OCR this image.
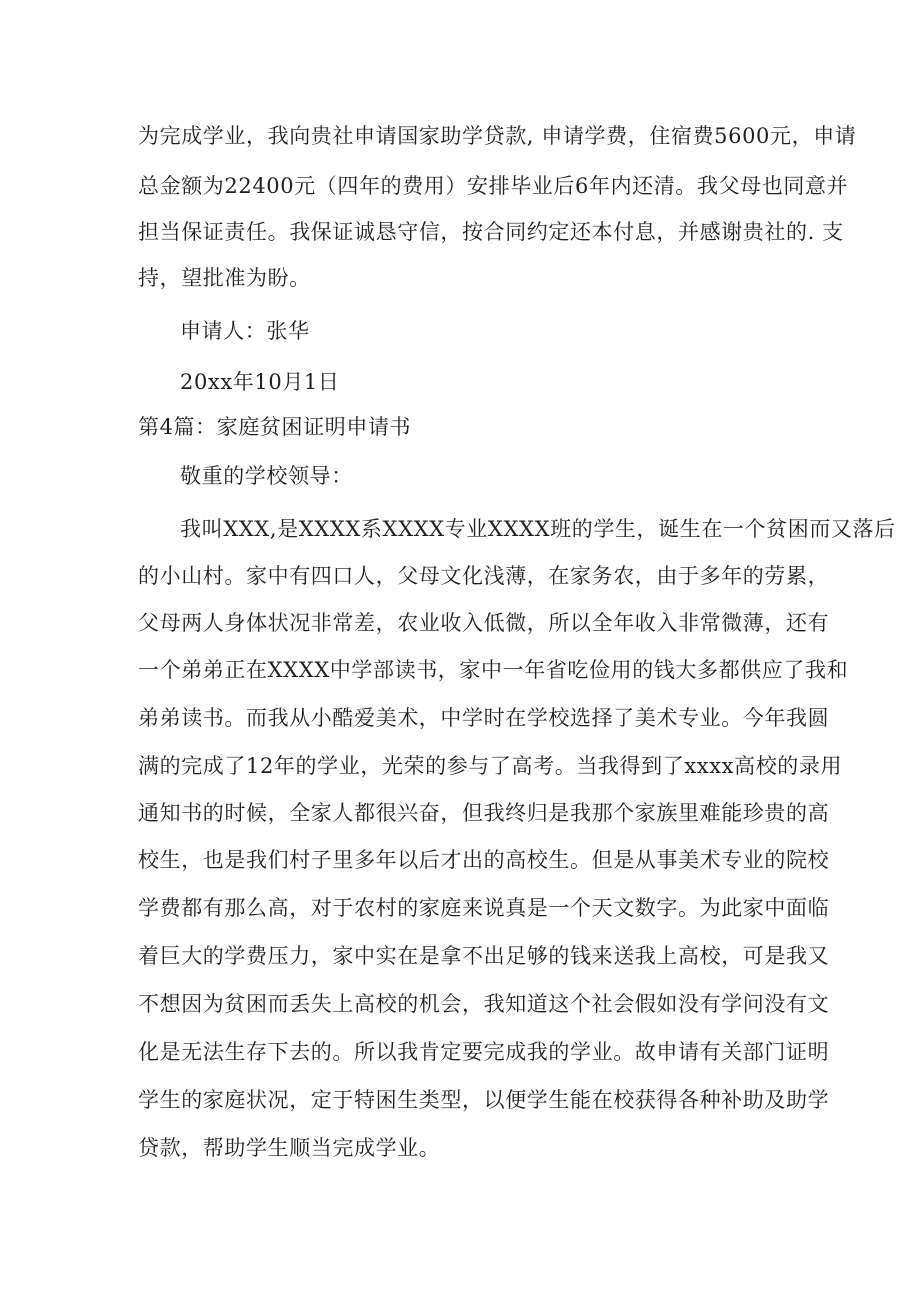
为完成学业，我向贵社申请国家助学贷款, 申请学费，住宿费5600元，申请
总金额为22400元（四年的费用）安排毕业后6年内还清。我父母也同意并
担当保证责任。我保证诚恳守信，按合同约定还本付息，并感谢贵社的. 支
持，望批准为盼。
申请人：张华
20xx年10月1日
第4篇：家庭贫困证明申请书
敬重的学校领导：
我叫XXX,是XXXX系XXXX专业XXXX班的学生，诞生在一个贫困而又落后
的小山村。家中有四口人，父母文化浅薄，在家务农，由于多年的劳累，
父母两人身体状况非常差，农业收入低微，所以全年收入非常微薄，还有
一个弟弟正在XXXX中学部读书，家中一年省吃俭用的钱大多都供应了我和
弟弟读书。而我从小酷爱美术，中学时在学校选择了美术专业。今年我圆
满的完成了12年的学业，光荣的参与了高考。当我得到了xxxx高校的录用
通知书的时候，全家人都很兴奋，但我终归是我那个家族里难能珍贵的高
校生，也是我们村子里多年以后才出的高校生。但是从事美术专业的院校
学费都有那么高，对于农村的家庭来说真是一个天文数字。为此家中面临
着巨大的学费压力，家中实在是拿不出足够的钱来送我上高校，可是我又
不想因为贫困而丢失上高校的机会，我知道这个社会假如没有学问没有文
化是无法生存下去的。所以我肯定要完成我的学业。故申请有关部门证明
学生的家庭状况，定于特困生类型，以便学生能在校获得各种补助及助学
贷款，帮助学生顺当完成学业。
